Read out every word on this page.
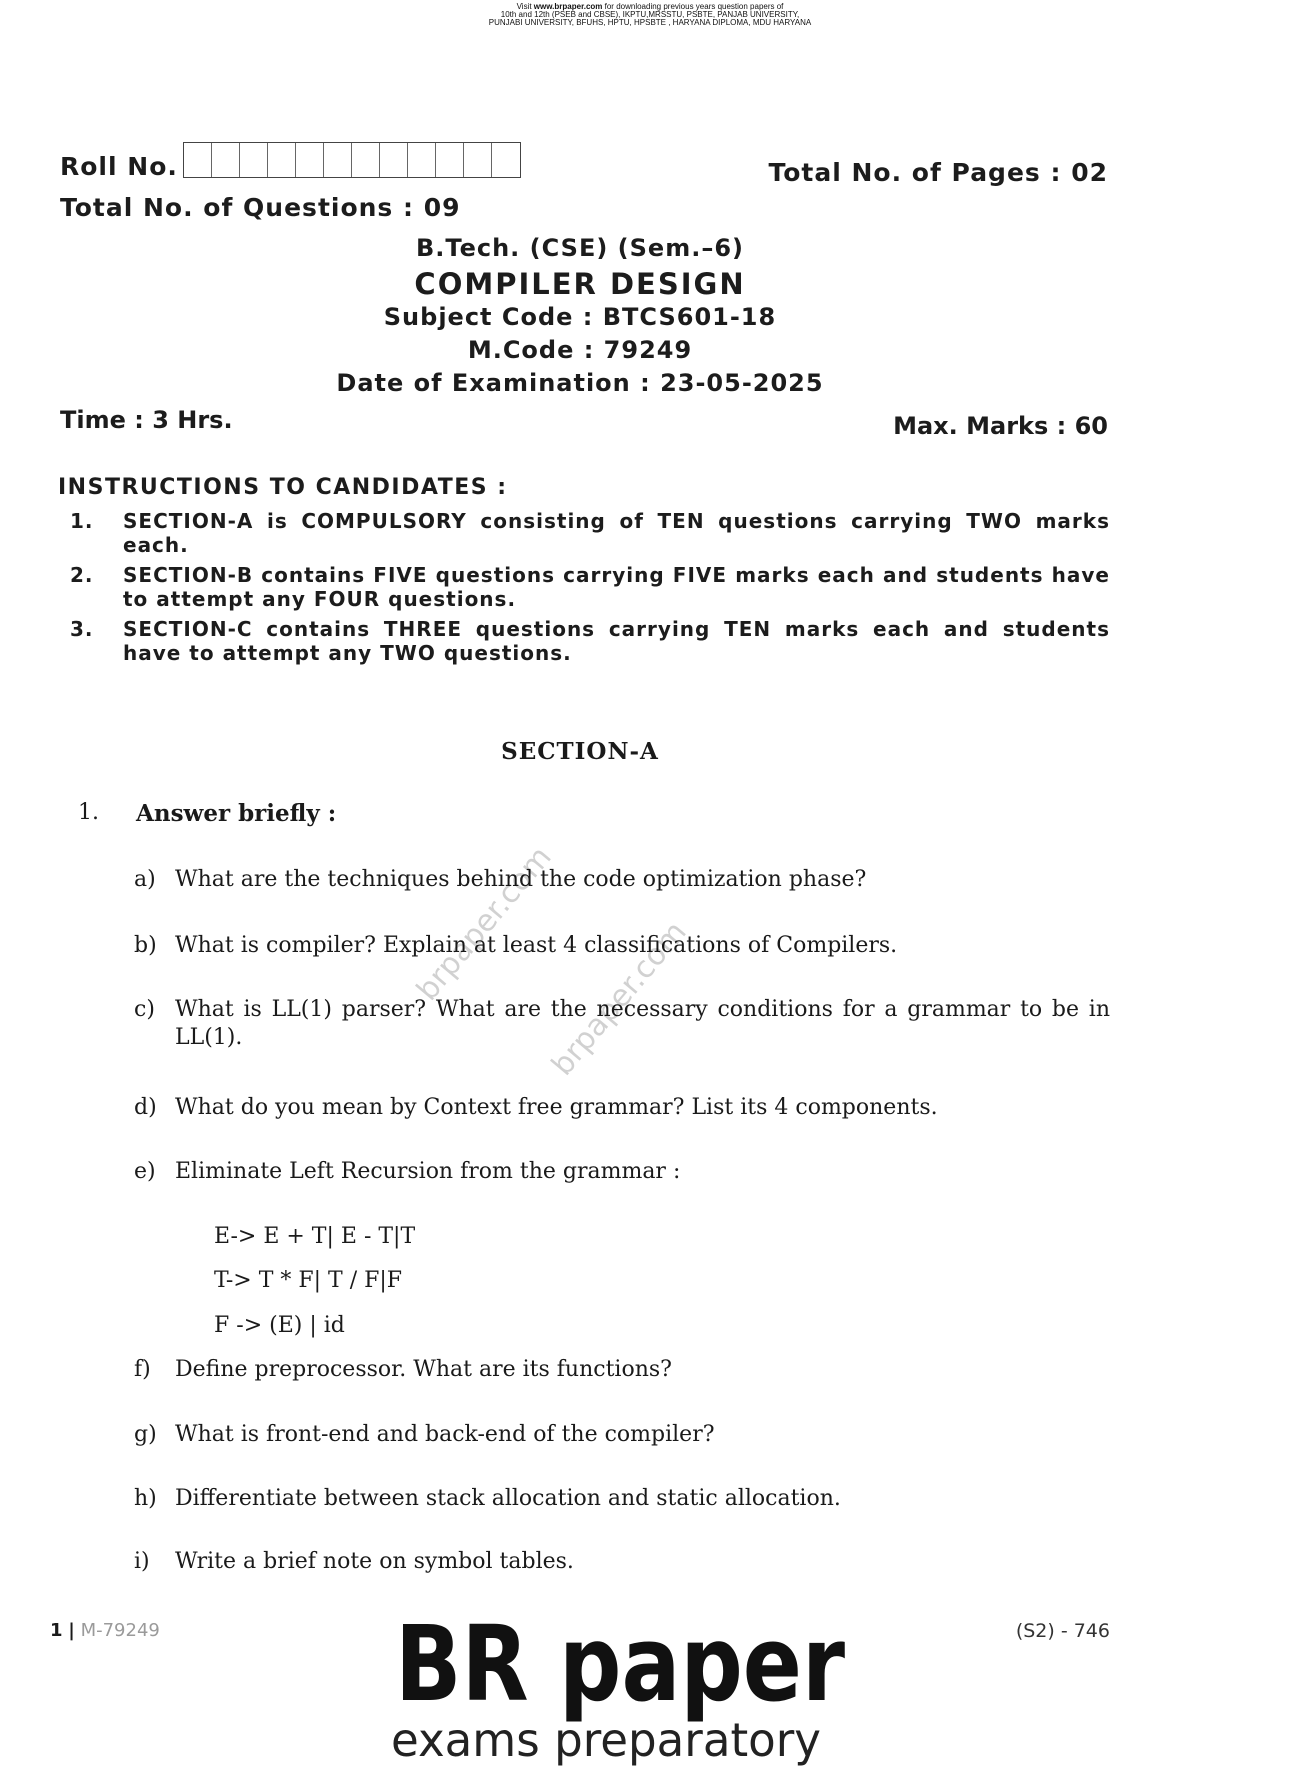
Visit www.brpaper.com for downloading previous years question papers of
10th and 12th (PSEB and CBSE), IKPTU,MRSSTU, PSBTE, PANJAB UNIVERSITY,
PUNJABI UNIVERSITY, BFUHS, HPTU, HPSBTE , HARYANA DIPLOMA, MDU HARYANA
Roll No.	Total No. of Pages : 02
Total No. of Questions : 09
B.Tech. (CSE) (Sem.–6)
COMPILER DESIGN
Subject Code : BTCS601-18
M.Code : 79249
Date of Examination : 23-05-2025
Time : 3 Hrs.	Max. Marks : 60
INSTRUCTIONS TO CANDIDATES :
1. SECTION-A is COMPULSORY consisting of TEN questions carrying TWO marks each.
2. SECTION-B contains FIVE questions carrying FIVE marks each and students have to attempt any FOUR questions.
3. SECTION-C contains THREE questions carrying TEN marks each and students have to attempt any TWO questions.
SECTION-A
1. Answer briefly :
a) What are the techniques behind the code optimization phase?
b) What is compiler? Explain at least 4 classifications of Compilers.
c) What is LL(1) parser? What are the necessary conditions for a grammar to be in LL(1).
d) What do you mean by Context free grammar? List its 4 components.
e) Eliminate Left Recursion from the grammar :
E-> E + T| E - T|T
T-> T * F| T / F|F
F -> (E) | id
f) Define preprocessor. What are its functions?
g) What is front-end and back-end of the compiler?
h) Differentiate between stack allocation and static allocation.
i) Write a brief note on symbol tables.
brpaper.com
brpaper.com
1 | M-79249	(S2) - 746
BR paper
exams preparatory
